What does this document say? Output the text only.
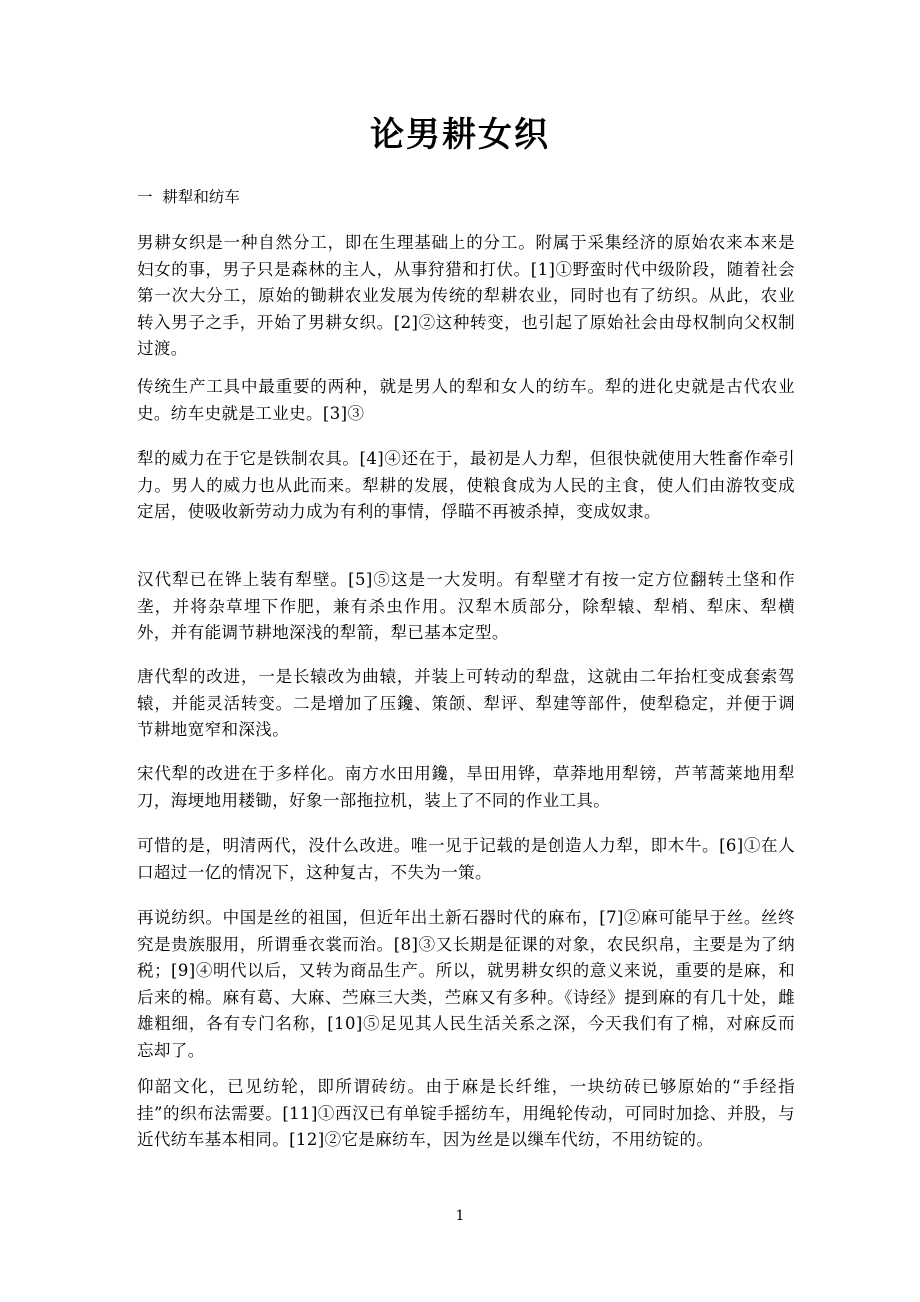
论男耕女织

一  耕犁和纺车

男耕女织是一种自然分工，即在生理基础上的分工。附属于采集经济的原始农来本来是妇女的事，男子只是森林的主人，从事狩猎和打伏。[1]①野蛮时代中级阶段，随着社会第一次大分工，原始的锄耕农业发展为传统的犁耕农业，同时也有了纺织。从此，农业转入男子之手，开始了男耕女织。[2]②这种转变，也引起了原始社会由母权制向父权制过渡。

传统生产工具中最重要的两种，就是男人的犁和女人的纺车。犁的进化史就是古代农业史。纺车史就是工业史。[3]③

犁的威力在于它是铁制农具。[4]④还在于，最初是人力犁，但很快就使用大牲畜作牵引力。男人的威力也从此而来。犁耕的发展，使粮食成为人民的主食，使人们由游牧变成定居，使吸收新劳动力成为有利的事情，俘瞄不再被杀掉，变成奴隶。

汉代犁已在铧上装有犁壁。[5]⑤这是一大发明。有犁壁才有按一定方位翻转土垡和作垄，并将杂草埋下作肥，兼有杀虫作用。汉犁木质部分，除犁辕、犁梢、犁床、犁横外，并有能调节耕地深浅的犁箭，犁已基本定型。

唐代犁的改进，一是长辕改为曲辕，并装上可转动的犁盘，这就由二年抬杠变成套索驾辕，并能灵活转变。二是增加了压鑱、策颌、犁评、犁建等部件，使犁稳定，并便于调节耕地宽窄和深浅。

宋代犁的改进在于多样化。南方水田用鑱，旱田用铧，草莽地用犁镑，芦苇蒿莱地用犁刀，海埂地用耧锄，好象一部拖拉机，装上了不同的作业工具。

可惜的是，明清两代，没什么改进。唯一见于记载的是创造人力犁，即木牛。[6]①在人口超过一亿的情况下，这种复古，不失为一策。

再说纺织。中国是丝的祖国，但近年出土新石器时代的麻布，[7]②麻可能早于丝。丝终究是贵族服用，所谓垂衣裳而治。[8]③又长期是征课的对象，农民织帛，主要是为了纳税；[9]④明代以后，又转为商品生产。所以，就男耕女织的意义来说，重要的是麻，和后来的棉。麻有葛、大麻、苎麻三大类，苎麻又有多种。《诗经》提到麻的有几十处，雌雄粗细，各有专门名称，[10]⑤足见其人民生活关系之深，今天我们有了棉，对麻反而忘却了。

仰韶文化，已见纺轮，即所谓砖纺。由于麻是长纤维，一块纺砖已够原始的“手经指挂”的织布法需要。[11]①西汉已有单锭手摇纺车，用绳轮传动，可同时加捻、并股，与近代纺车基本相同。[12]②它是麻纺车，因为丝是以缫车代纺，不用纺锭的。

1
